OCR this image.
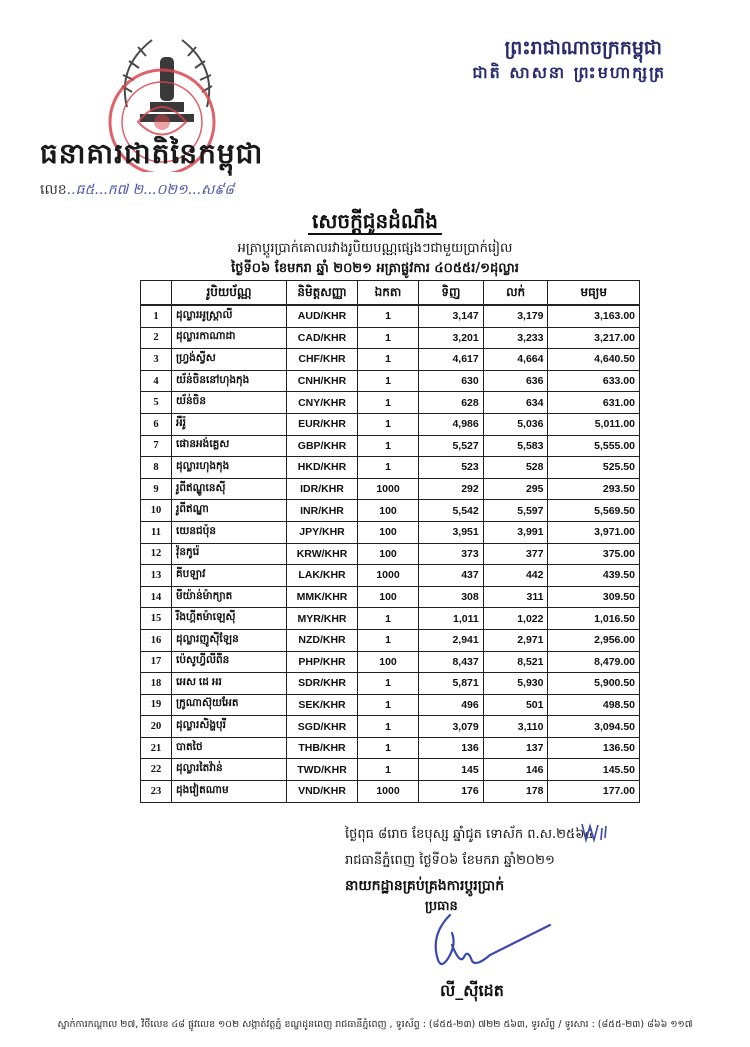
ព្រះរាជាណាចក្រកម្ពុជា
ជាតិ សាសនា ព្រះមហាក្សត្រ
ធនាគារជាតិនៃកម្ពុជា
លេខ..ធ៥...ក៧ ២...០២១...ស៩៨
សេចក្តីជូនដំណឹង
អត្រាប្តូរប្រាក់គោលរវាងរូបិយបណ្ណផ្សេងៗជាមួយប្រាក់រៀល
ថ្ងៃទី០៦ ខែមករា ឆ្នាំ ២០២១ អត្រាផ្លូវការ ៤០៥៥រ/១ដុល្លារ
	រូបិយប័ណ្ណ	និមិត្តសញ្ញា	ឯកតា	ទិញ	លក់	មធ្យម
1	ដុល្លារអូស្ត្រាលី	AUD/KHR	1	3,147	3,179	3,163.00
2	ដុល្លារកាណាដា	CAD/KHR	1	3,201	3,233	3,217.00
3	ហ្វ្រង់ស្វីស	CHF/KHR	1	4,617	4,664	4,640.50
4	យ័ន់ចិននៅហុងកុង	CNH/KHR	1	630	636	633.00
5	យ័ន់ចិន	CNY/KHR	1	628	634	631.00
6	អឺរ៉ូ	EUR/KHR	1	4,986	5,036	5,011.00
7	ផោនអង់គ្លេស	GBP/KHR	1	5,527	5,583	5,555.00
8	ដុល្លារហុងកុង	HKD/KHR	1	523	528	525.50
9	រូពីឥណ្ឌូនេស៊ី	IDR/KHR	1000	292	295	293.50
10	រូពីឥណ្ឌា	INR/KHR	100	5,542	5,597	5,569.50
11	យេនជប៉ុន	JPY/KHR	100	3,951	3,991	3,971.00
12	វ៉ុនកូរ៉េ	KRW/KHR	100	373	377	375.00
13	គីបឡាវ	LAK/KHR	1000	437	442	439.50
14	មីយ៉ាន់ម៉ាក្យាត	MMK/KHR	100	308	311	309.50
15	រីងហ្គីតម៉ាឡេស៊ី	MYR/KHR	1	1,011	1,022	1,016.50
16	ដុល្លារញូស៊ីឡែន	NZD/KHR	1	2,941	2,971	2,956.00
17	ប៉េសូហ្វីលីពីន	PHP/KHR	100	8,437	8,521	8,479.00
18	អេស ដេ អរ	SDR/KHR	1	5,871	5,930	5,900.50
19	ក្រូណាស៊ុយអែត	SEK/KHR	1	496	501	498.50
20	ដុល្លារសិង្ហបុរី	SGD/KHR	1	3,079	3,110	3,094.50
21	បាតថៃ	THB/KHR	1	136	137	136.50
22	ដុល្លារតៃវ៉ាន់	TWD/KHR	1	145	146	145.50
23	ដុងវៀតណាម	VND/KHR	1000	176	178	177.00
ថ្ងៃពុធ ៨រោច ខែបុស្ស ឆ្នាំជូត ទោស័ក ព.ស.២៥៦៤
រាជធានីភ្នំពេញ ថ្ងៃទី០៦ ខែមករា ឆ្នាំ២០២១
នាយកដ្ឋានគ្រប់គ្រងការប្តូរប្រាក់
ប្រធាន
លី_ស៊ីដេត
ស្នាក់ការកណ្តាល ២៧, វិថីលេខ ៤៨ ផ្លូវលេខ ១០២ សង្កាត់វត្តភ្នំ ខណ្ឌដូនពេញ រាជធានីភ្នំពេញ , ទូរស័ព្ទ : (៨៥៥-២៣) ៧២២ ៥៦៣, ទូរស័ព្ទ / ទូរសារ : (៨៥៥-២៣) ៨៦៦ ១១៧
